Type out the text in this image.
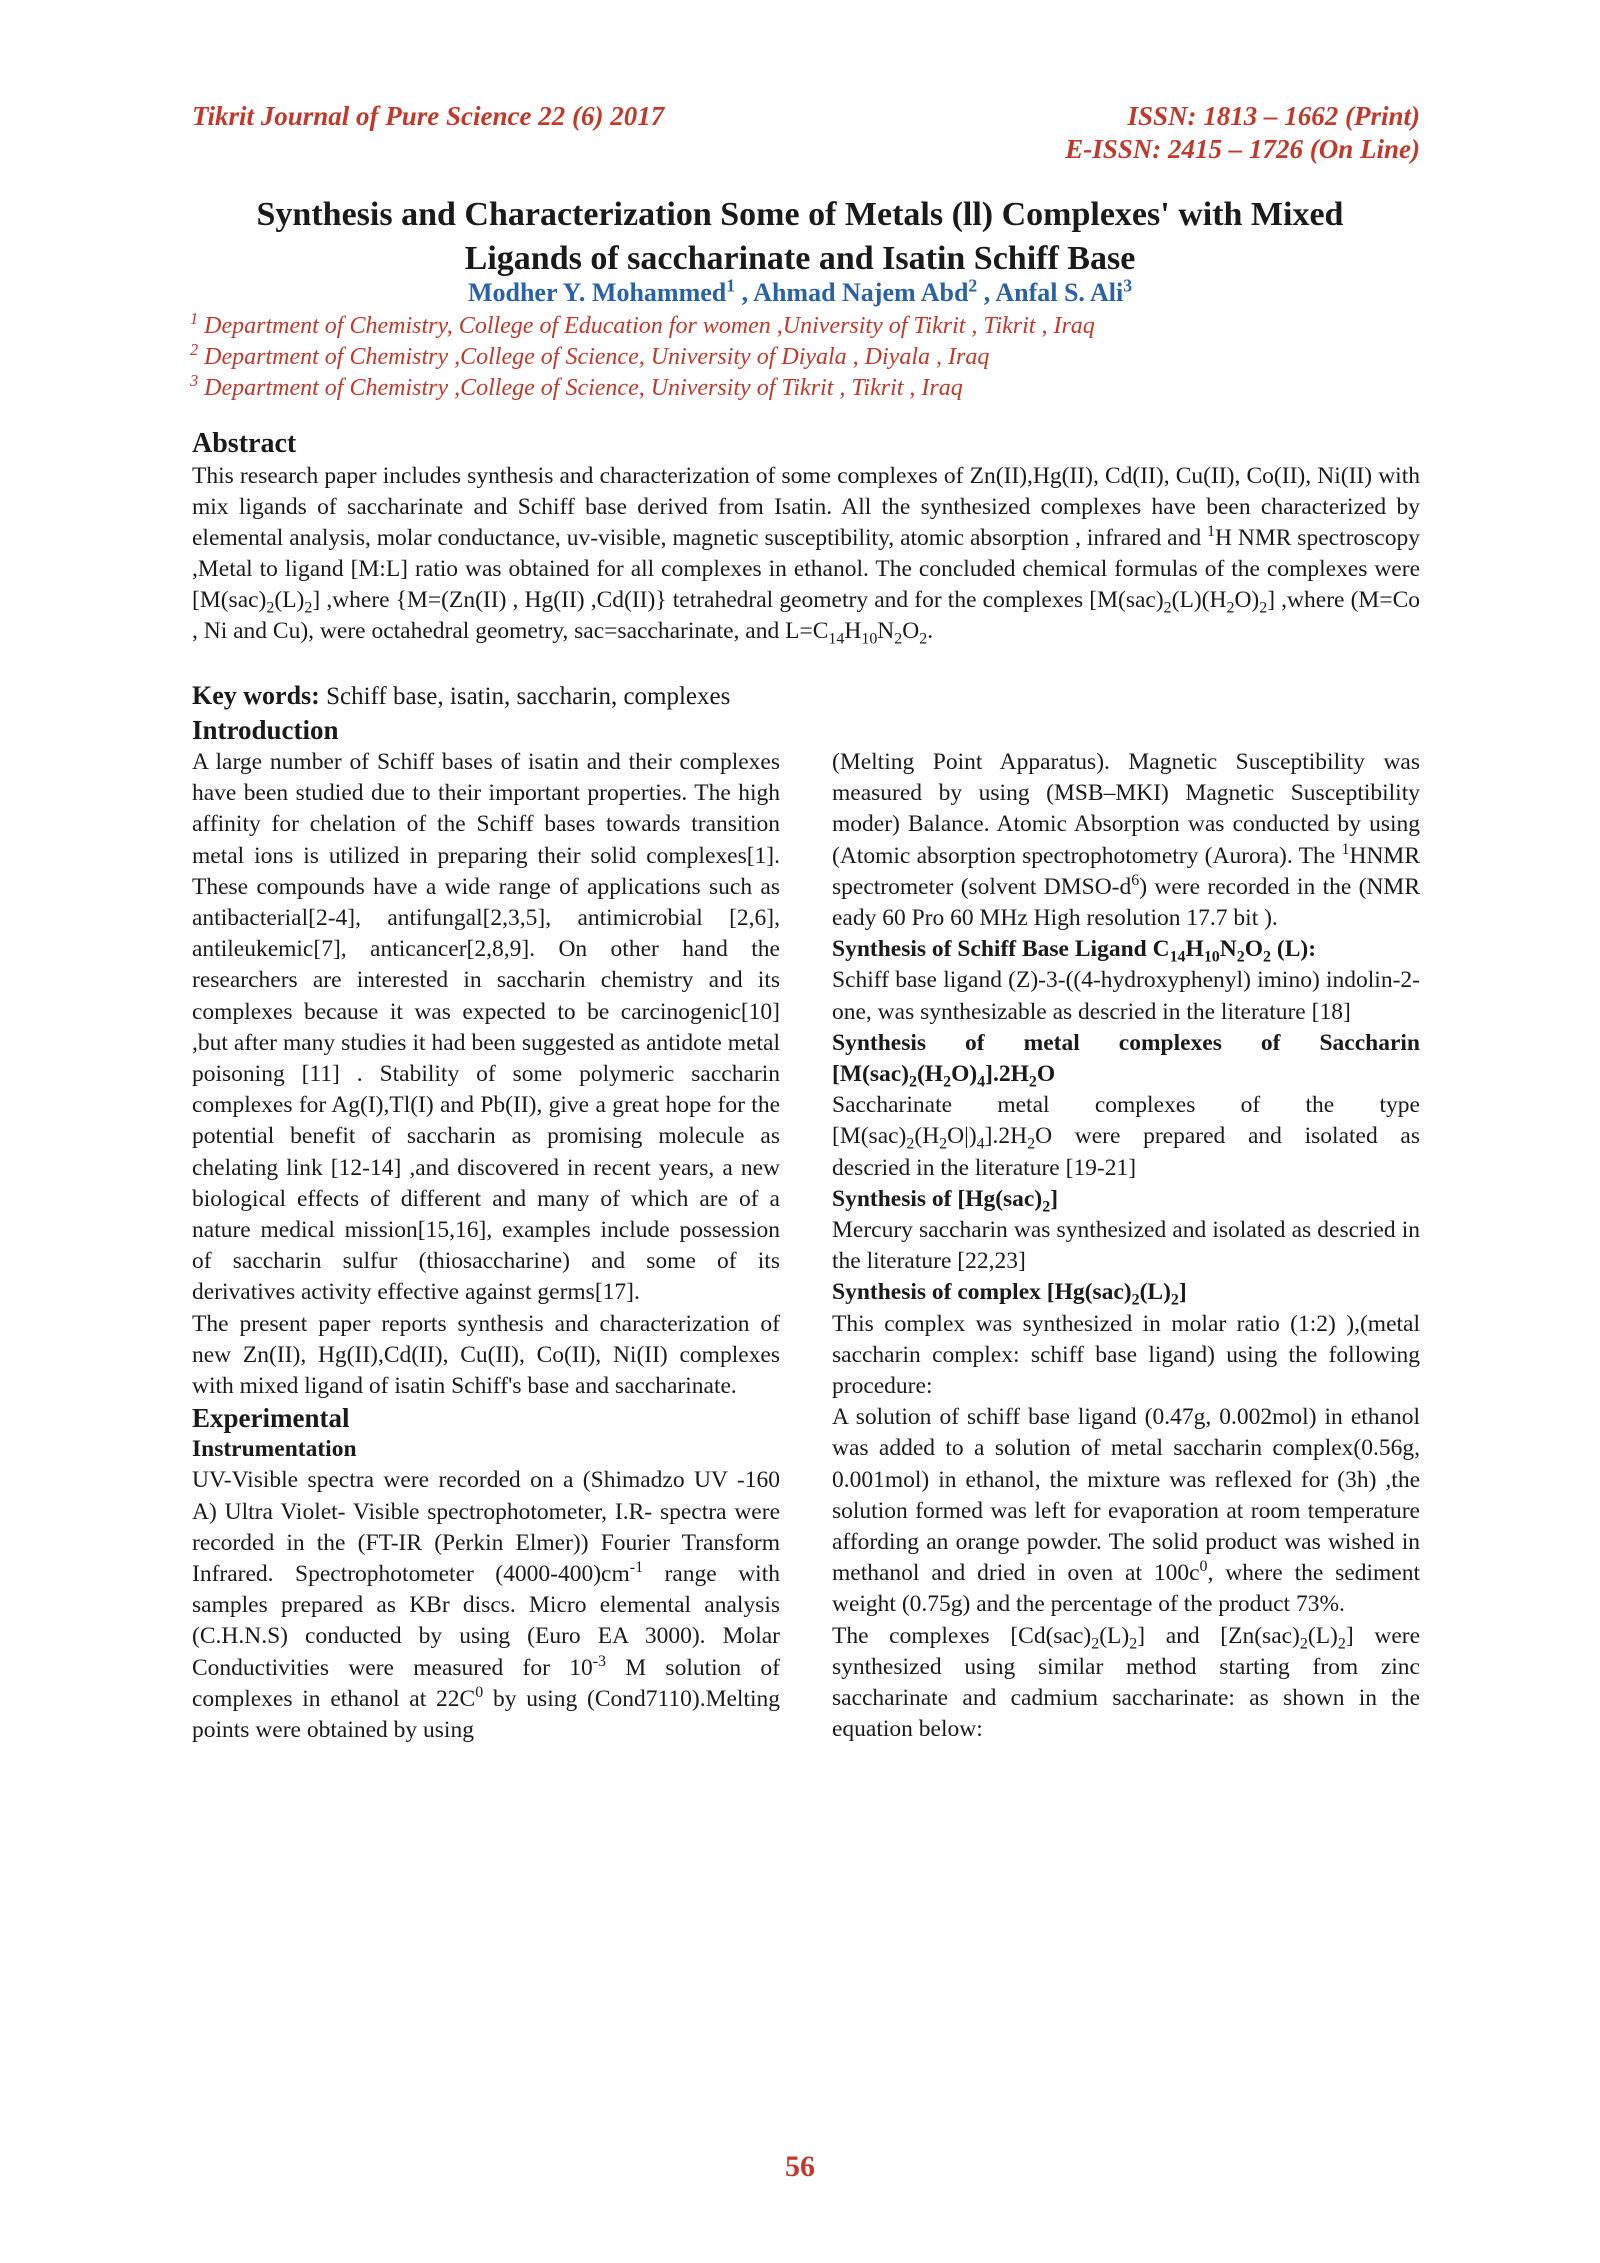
Tikrit Journal of Pure Science 22 (6) 2017	ISSN: 1813 – 1662 (Print)
E-ISSN: 2415 – 1726 (On Line)
Synthesis and Characterization Some of Metals (ll) Complexes' with Mixed
Ligands of saccharinate and Isatin Schiff Base
Modher Y. Mohammed$^1$ , Ahmad Najem Abd$^2$ , Anfal S. Ali$^3$
$^1$ Department of Chemistry, College of Education for women ,University of Tikrit , Tikrit , Iraq
$^2$ Department of Chemistry ,College of Science, University of Diyala , Diyala , Iraq
$^3$ Department of Chemistry ,College of Science, University of Tikrit , Tikrit , Iraq
Abstract
This research paper includes synthesis and characterization of some complexes of Zn(II),Hg(II), Cd(II), Cu(II), Co(II), Ni(II) with mix ligands of saccharinate and Schiff base derived from Isatin. All the synthesized complexes have been characterized by elemental analysis, molar conductance, uv-visible, magnetic susceptibility, atomic absorption , infrared and $^1$H NMR spectroscopy ,Metal to ligand [M:L] ratio was obtained for all complexes in ethanol. The concluded chemical formulas of the complexes were $[M(sac)_2(L)_2]$ ,where {M=(Zn(II) , Hg(II) ,Cd(II)} tetrahedral geometry and for the complexes $[M(sac)_2(L)(H_2O)_2]$ ,where (M=Co , Ni and Cu), were octahedral geometry, sac=saccharinate, and $L=C_{14}H_{10}N_2O_2$.
Key words: Schiff base, isatin, saccharin, complexes
Introduction

A large number of Schiff bases of isatin and their complexes have been studied due to their important properties. The high affinity for chelation of the Schiff bases towards transition metal ions is utilized in preparing their solid complexes[1]. These compounds have a wide range of applications such as antibacterial[2-4], antifungal[2,3,5], antimicrobial [2,6], antileukemic[7], anticancer[2,8,9]. On other hand the researchers are interested in saccharin chemistry and its complexes because it was expected to be carcinogenic[10] ,but after many studies it had been suggested as antidote metal poisoning [11] . Stability of some polymeric saccharin complexes for Ag(I),Tl(I) and Pb(II), give a great hope for the potential benefit of saccharin as promising molecule as chelating link [12-14] ,and discovered in recent years, a new biological effects of different and many of which are of a nature medical mission[15,16], examples include possession of saccharin sulfur (thiosaccharine) and some of its derivatives activity effective against germs[17].

The present paper reports synthesis and characterization of new Zn(II), Hg(II),Cd(II), Cu(II), Co(II), Ni(II) complexes with mixed ligand of isatin Schiff's base and saccharinate.

Experimental
Instrumentation

UV-Visible spectra were recorded on a (Shimadzo UV -160 A) Ultra Violet- Visible spectrophotometer, I.R- spectra were recorded in the (FT-IR (Perkin Elmer)) Fourier Transform Infrared. Spectrophotometer $(4000-400)cm^{-1}$ range with samples prepared as KBr discs. Micro elemental analysis (C.H.N.S) conducted by using (Euro EA 3000). Molar Conductivities were measured for $10^{-3}$ M solution of complexes in ethanol at $22C^0$ by using (Cond7110).Melting points were obtained by using

(Melting Point Apparatus). Magnetic Susceptibility was measured by using (MSB–MKI) Magnetic Susceptibility moder) Balance. Atomic Absorption was conducted by using (Atomic absorption spectrophotometry (Aurora). The $^1$HNMR spectrometer (solvent DMSO-$d^6$) were recorded in the (NMR eady 60 Pro 60 MHz High resolution 17.7 bit ).

Synthesis of Schiff Base Ligand $C_{14}H_{10}N_2O_2$ (L):

Schiff base ligand (Z)-3-((4-hydroxyphenyl) imino) indolin-2-one, was synthesizable as descried in the literature [18]

Synthesis of metal complexes of Saccharin $[M(sac)_2(H_2O)_4].2H_2O$

Saccharinate metal complexes of the type $[M(sac)_2(H_2O|)_4].2H_2O$ were prepared and isolated as descried in the literature [19-21]

Synthesis of $[Hg(sac)_2]$

Mercury saccharin was synthesized and isolated as descried in the literature [22,23]

Synthesis of complex $[Hg(sac)_2(L)_2]$

This complex was synthesized in molar ratio (1:2) ),(metal saccharin complex: schiff base ligand) using the following procedure:

A solution of schiff base ligand (0.47g, 0.002mol) in ethanol was added to a solution of metal saccharin complex(0.56g, 0.001mol) in ethanol, the mixture was reflexed for (3h) ,the solution formed was left for evaporation at room temperature affording an orange powder. The solid product was wished in methanol and dried in oven at $100c^0$, where the sediment weight (0.75g) and the percentage of the product 73%.

The complexes $[Cd(sac)_2(L)_2]$ and $[Zn(sac)_2(L)_2]$ were synthesized using similar method starting from zinc saccharinate and cadmium saccharinate: as shown in the equation below:

56
